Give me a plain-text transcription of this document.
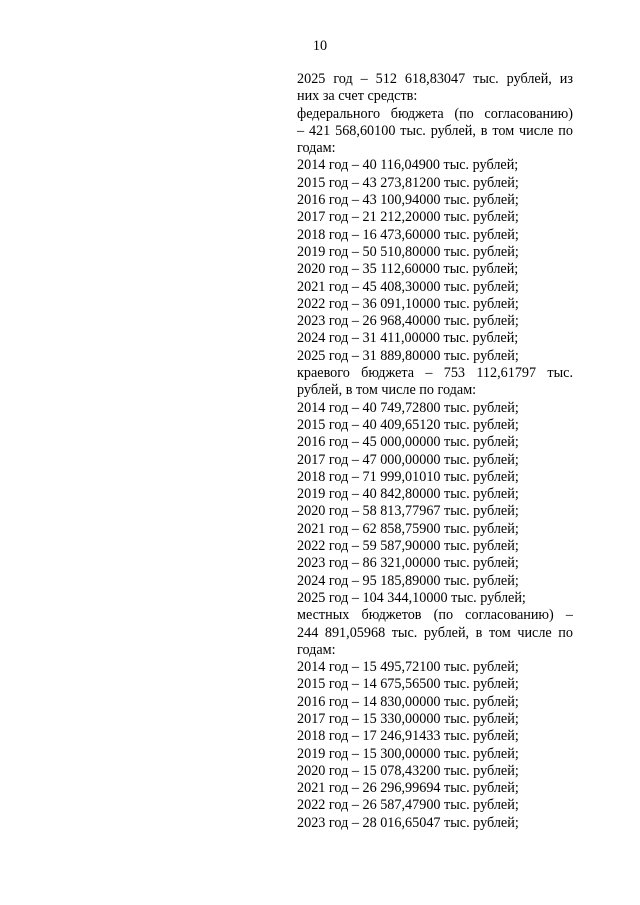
10
2025 год – 512 618,83047 тыс. рублей, из
них за счет средств:
федерального бюджета (по согласованию)
– 421 568,60100 тыс. рублей, в том числе по
годам:
2014 год – 40 116,04900 тыс. рублей;
2015 год – 43 273,81200 тыс. рублей;
2016 год – 43 100,94000 тыс. рублей;
2017 год – 21 212,20000 тыс. рублей;
2018 год – 16 473,60000 тыс. рублей;
2019 год – 50 510,80000 тыс. рублей;
2020 год – 35 112,60000 тыс. рублей;
2021 год – 45 408,30000 тыс. рублей;
2022 год – 36 091,10000 тыс. рублей;
2023 год – 26 968,40000 тыс. рублей;
2024 год – 31 411,00000 тыс. рублей;
2025 год – 31 889,80000 тыс. рублей;
краевого бюджета – 753 112,61797 тыс.
рублей, в том числе по годам:
2014 год – 40 749,72800 тыс. рублей;
2015 год – 40 409,65120 тыс. рублей;
2016 год – 45 000,00000 тыс. рублей;
2017 год – 47 000,00000 тыс. рублей;
2018 год – 71 999,01010 тыс. рублей;
2019 год – 40 842,80000 тыс. рублей;
2020 год – 58 813,77967 тыс. рублей;
2021 год – 62 858,75900 тыс. рублей;
2022 год – 59 587,90000 тыс. рублей;
2023 год – 86 321,00000 тыс. рублей;
2024 год – 95 185,89000 тыс. рублей;
2025 год – 104 344,10000 тыс. рублей;
местных бюджетов (по согласованию) –
244 891,05968 тыс. рублей, в том числе по
годам:
2014 год – 15 495,72100 тыс. рублей;
2015 год – 14 675,56500 тыс. рублей;
2016 год – 14 830,00000 тыс. рублей;
2017 год – 15 330,00000 тыс. рублей;
2018 год – 17 246,91433 тыс. рублей;
2019 год – 15 300,00000 тыс. рублей;
2020 год – 15 078,43200 тыс. рублей;
2021 год – 26 296,99694 тыс. рублей;
2022 год – 26 587,47900 тыс. рублей;
2023 год – 28 016,65047 тыс. рублей;
